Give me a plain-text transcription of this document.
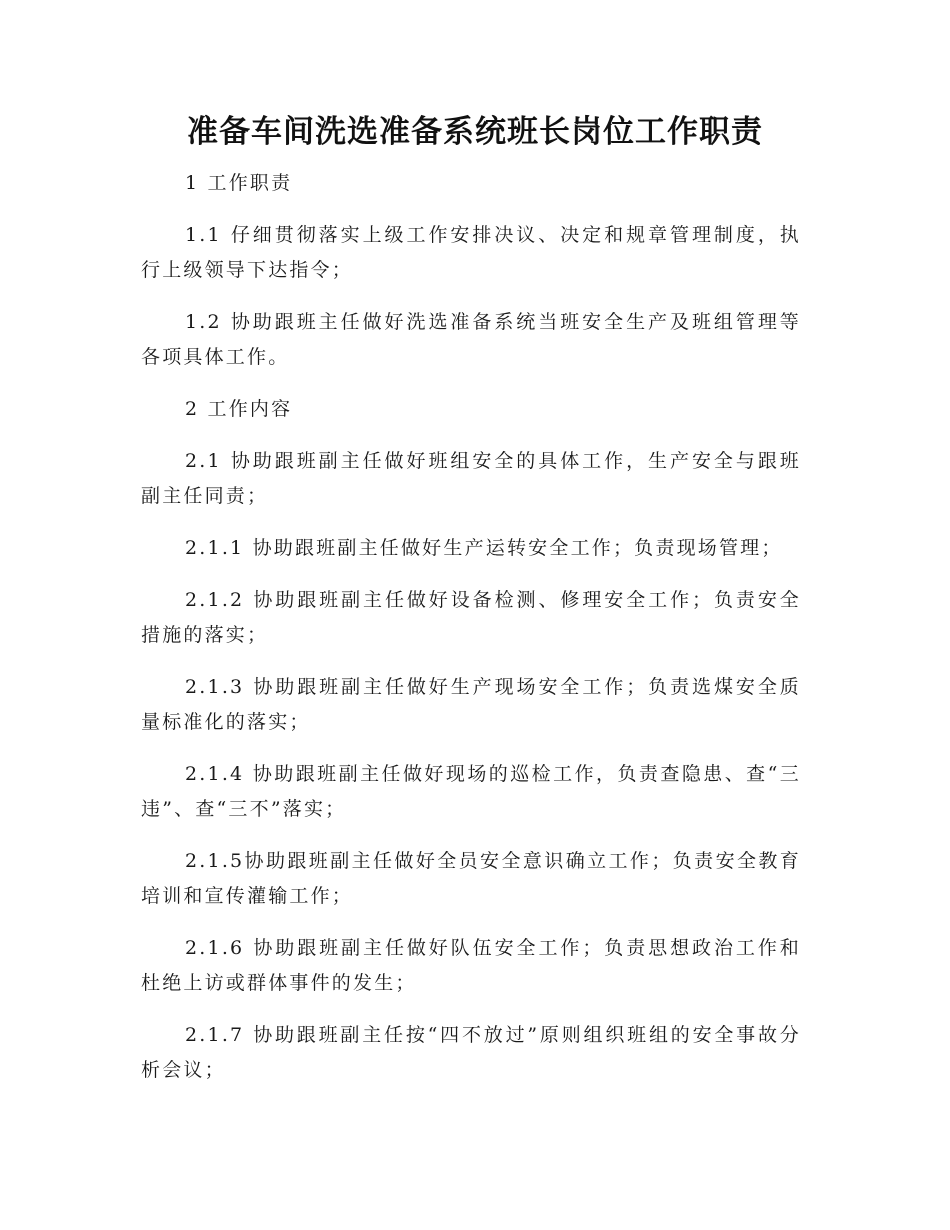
准备车间洗选准备系统班长岗位工作职责

1 工作职责

1.1 仔细贯彻落实上级工作安排决议、决定和规章管理制度，执行上级领导下达指令；

1.2 协助跟班主任做好洗选准备系统当班安全生产及班组管理等各项具体工作。

2 工作内容

2.1 协助跟班副主任做好班组安全的具体工作，生产安全与跟班副主任同责；

2.1.1 协助跟班副主任做好生产运转安全工作；负责现场管理；

2.1.2 协助跟班副主任做好设备检测、修理安全工作；负责安全措施的落实；

2.1.3 协助跟班副主任做好生产现场安全工作；负责选煤安全质量标准化的落实；

2.1.4 协助跟班副主任做好现场的巡检工作，负责查隐患、查“三违”、查“三不”落实；

2.1.5协助跟班副主任做好全员安全意识确立工作；负责安全教育培训和宣传灌输工作；

2.1.6 协助跟班副主任做好队伍安全工作；负责思想政治工作和杜绝上访或群体事件的发生；

2.1.7 协助跟班副主任按“四不放过”原则组织班组的安全事故分析会议；
